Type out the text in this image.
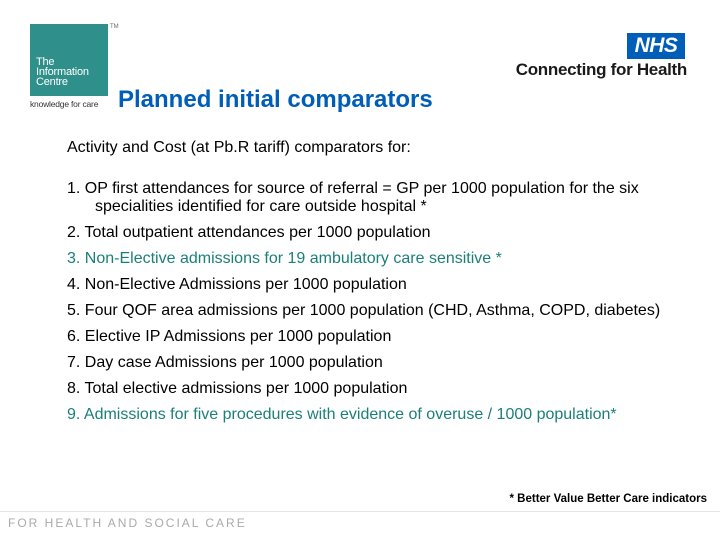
The
Information
Centre
TM
knowledge for care
NHS
Connecting for Health
Planned initial comparators
Activity and Cost (at Pb.R tariff) comparators for:
1. OP first attendances for source of referral = GP per 1000 population for the six specialities identified for care outside hospital *
2. Total outpatient attendances per 1000 population
3. Non-Elective admissions for 19 ambulatory care sensitive *
4. Non-Elective Admissions per 1000 population
5. Four QOF area admissions per 1000 population (CHD, Asthma, COPD, diabetes)
6. Elective IP Admissions per 1000 population
7. Day case Admissions per 1000 population
8. Total elective admissions per 1000 population
9. Admissions for five procedures with evidence of overuse / 1000 population*
* Better Value Better Care indicators
FOR HEALTH AND SOCIAL CARE
